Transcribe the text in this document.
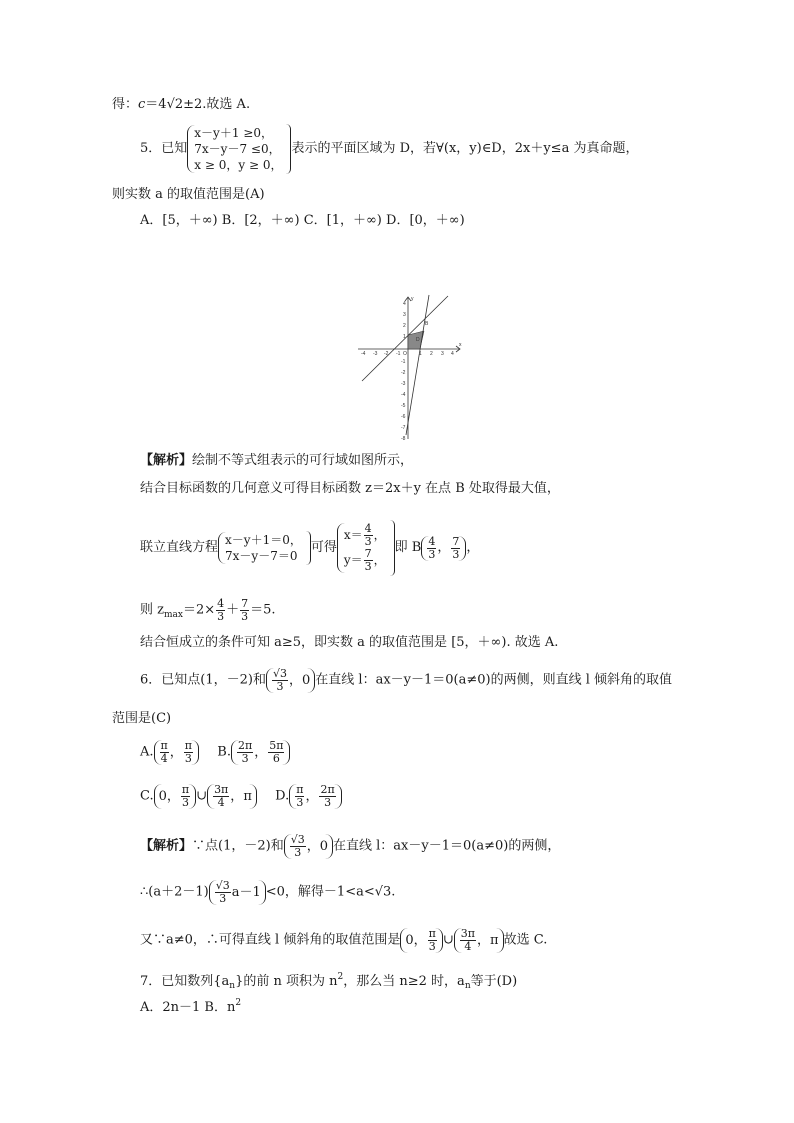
得：c＝4√2±2.故选 A.
5．已知
x－y＋1 ≥0，
7x－y－7 ≤0，
x ≥ 0，y ≥ 0，
表示的平面区域为 D，若∀(x，y)∈D，2x＋y≤a 为真命题，
则实数 a 的取值范围是(A)
A．[5，＋∞) B．[2，＋∞) C．[1，＋∞) D．[0，＋∞)
-4 -3 -2 -1 O 1 2 3 4
x
y
4
3
2
1
-1
-2
-3
-4
-5
-6
-7
-8
B
D
【解析】绘制不等式组表示的可行域如图所示，
结合目标函数的几何意义可得目标函数 z＝2x＋y 在点 B 处取得最大值，
联立直线方程 x－y＋1＝0，
7x－y－7＝0
可得
$x= \frac{4}{3}$ ，
$y= \frac{7}{3}$ ，
即 B $\frac{4}{3}$ ， $\frac{7}{3}$ ，
则 $z_{max}=2\times \frac{4}{3} + \frac{7}{3} =5$.
结合恒成立的条件可知 a≥5，即实数 a 的取值范围是 [5，＋∞). 故选 A.
6．已知点(1，－2)和 $\frac{√3}{3}$ ， 0 在直线 l：ax－y－1＝0(a≠0)的两侧，则直线 l 倾斜角的取值
范围是(C)
A. $\frac{\pi}{4}$ ， $\frac{\pi}{3} B$. $\frac{2\pi}{3}$ ， $\frac{5\pi}{6}$
C. 0 ， $\frac{\pi}{3}$ ∪ $\frac{3\pi}{4}$ ， π D. $\frac{\pi}{3}$ ， $\frac{2\pi}{3}$
【解析】∵点(1，－2)和 $\frac{√3}{3}$ ， 0 在直线 l：ax－y－1＝0(a≠0)的两侧，
∴(a＋2－1) $\frac{√3}{3} a-1 <0$，解得－1<a<√3.
又∵a≠0，∴可得直线 l 倾斜角的取值范围是 0 ， $\frac{\pi}{3}$ ∪ $\frac{3\pi}{4}$ ， π 故选 C.
7．已知数列$\{a_n\}$的前 n 项积为 $n^2$，那么当 n≥2 时，$a_n$等于(D)
A．2n－1 B．$n^2$
